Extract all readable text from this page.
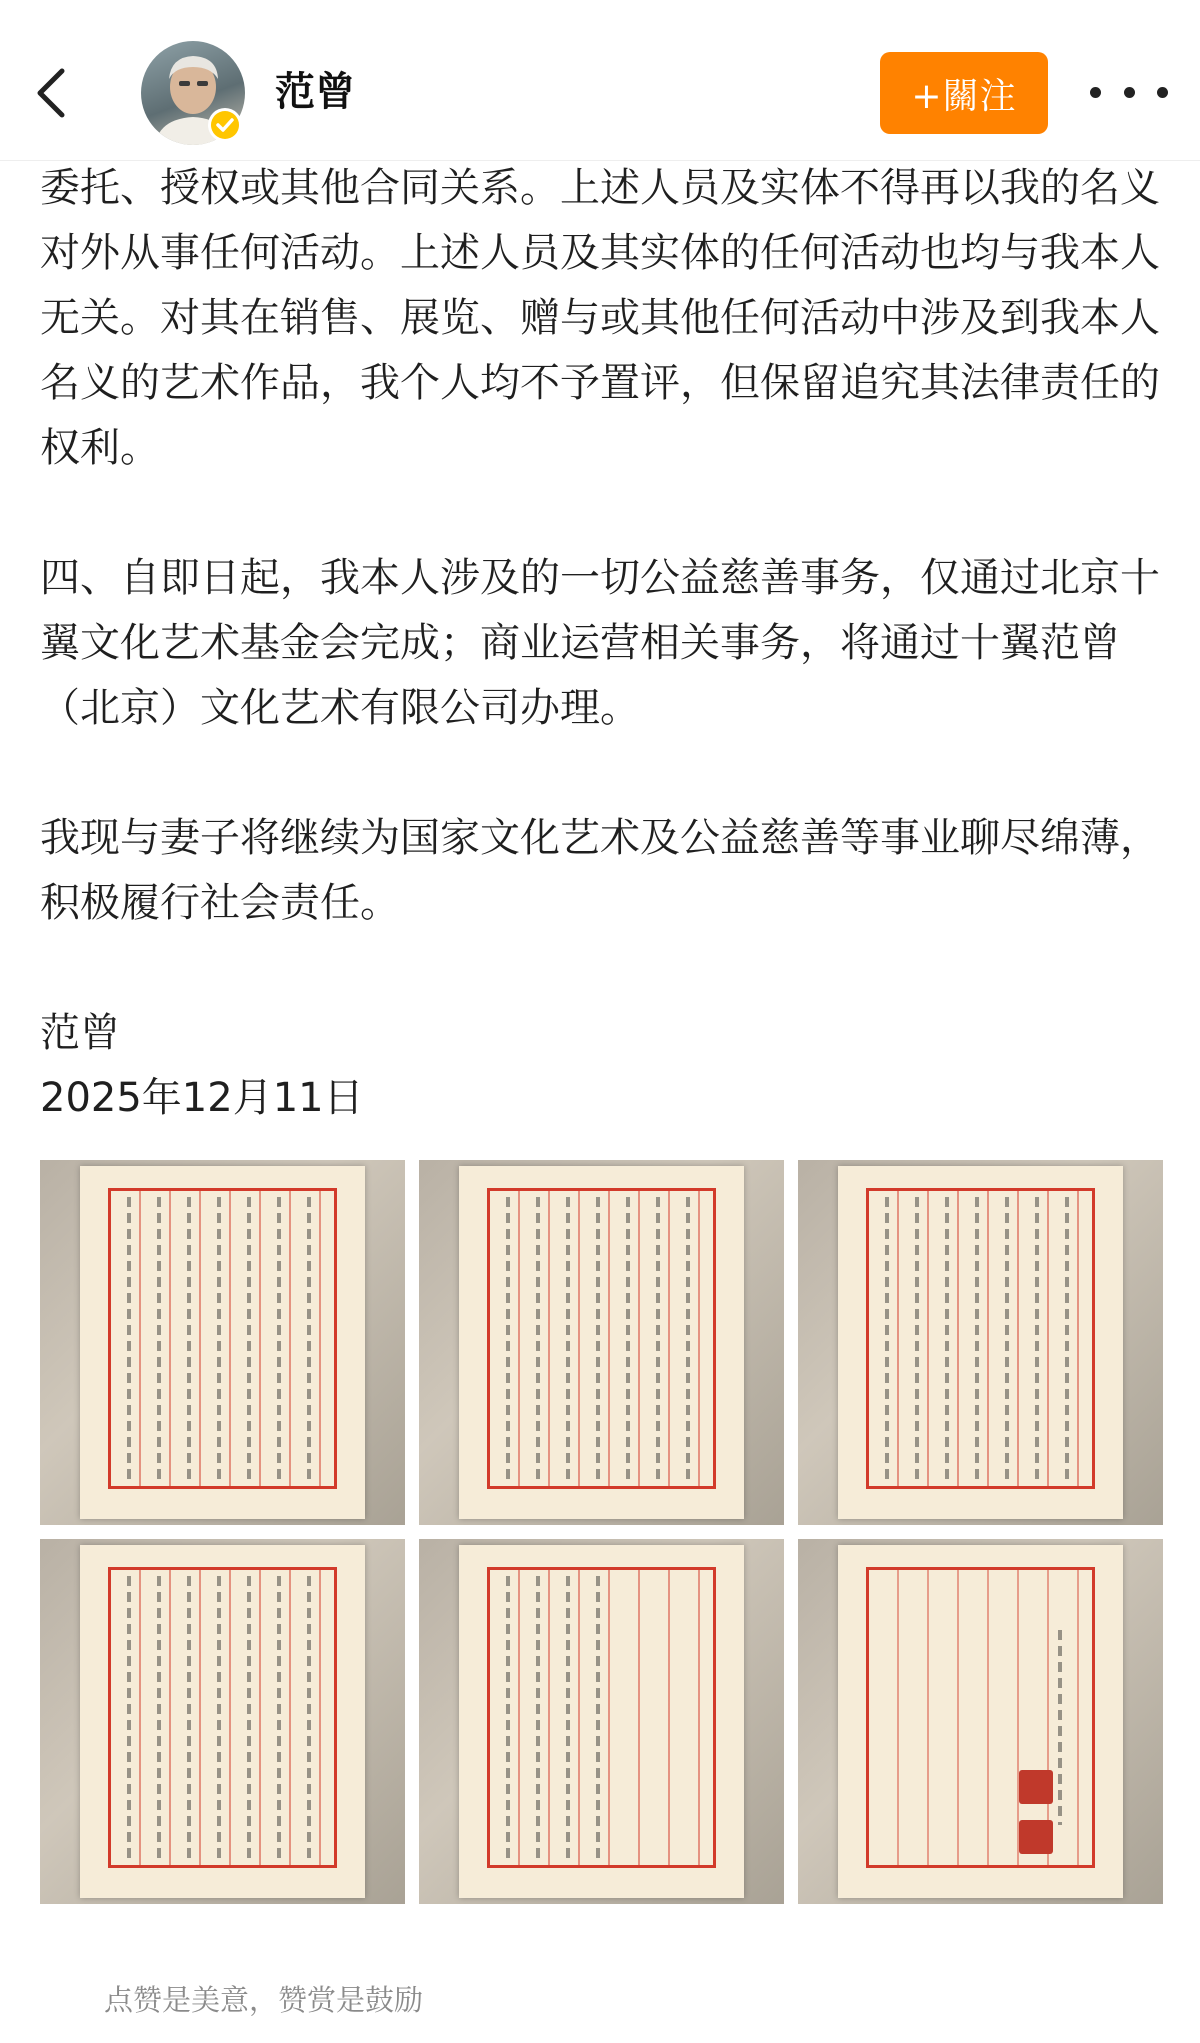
范曾	+關注

委托、授权或其他合同关系。上述人员及实体不得再以我的名义对外从事任何活动。上述人员及其实体的任何活动也均与我本人无关。对其在销售、展览、赠与或其他任何活动中涉及到我本人名义的艺术作品，我个人均不予置评，但保留追究其法律责任的权利。

四、自即日起，我本人涉及的一切公益慈善事务，仅通过北京十翼文化艺术基金会完成；商业运营相关事务，将通过十翼范曾（北京）文化艺术有限公司办理。

我现与妻子将继续为国家文化艺术及公益慈善等事业聊尽绵薄，积极履行社会责任。

范曾

2025年12月11日

点赞是美意，赞赏是鼓励
